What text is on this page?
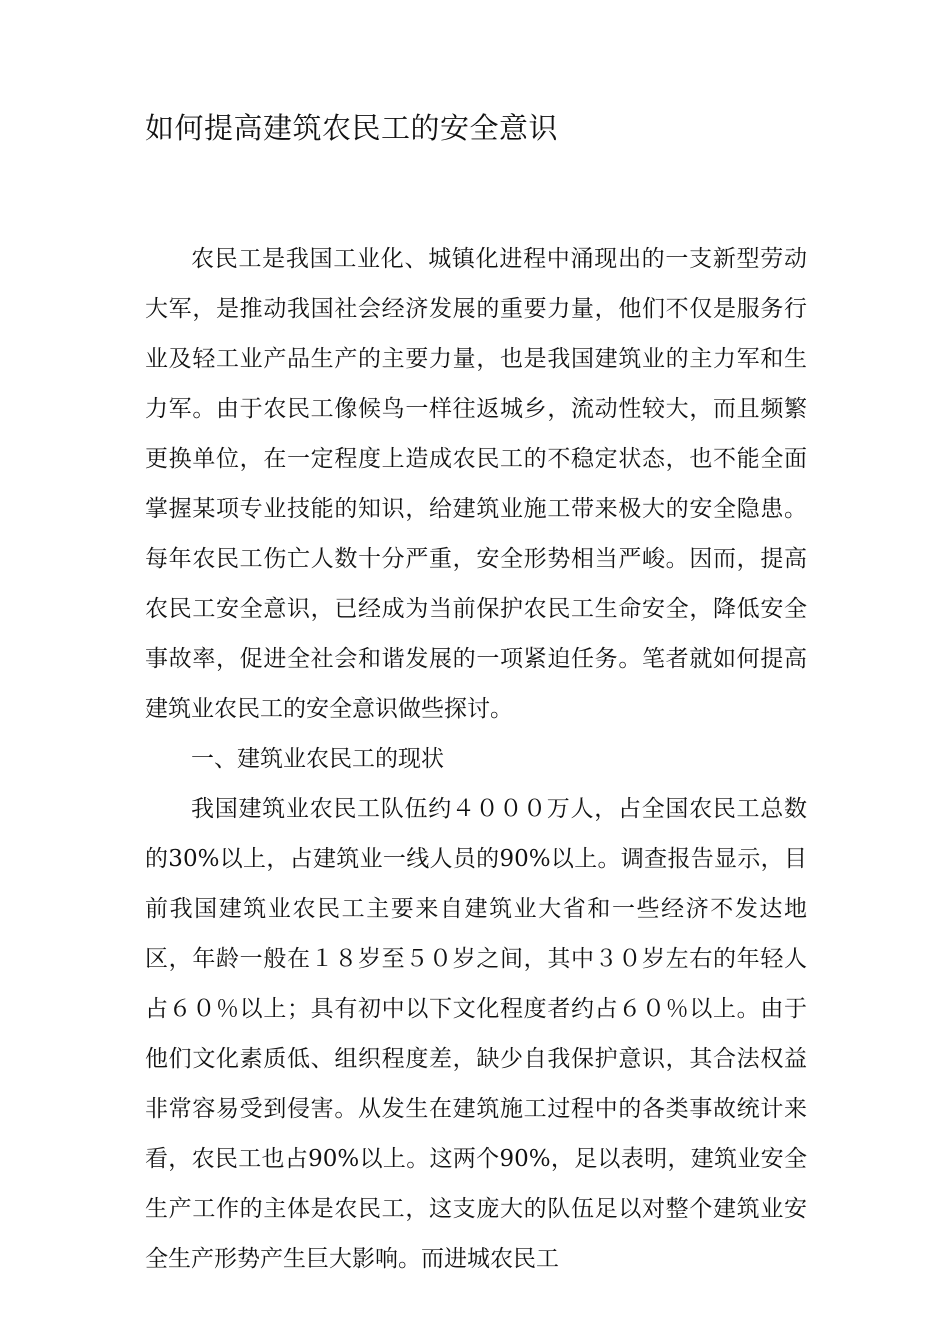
如何提高建筑农民工的安全意识

农民工是我国工业化、城镇化进程中涌现出的一支新型劳动大军，是推动我国社会经济发展的重要力量，他们不仅是服务行业及轻工业产品生产的主要力量，也是我国建筑业的主力军和生力军。由于农民工像候鸟一样往返城乡，流动性较大，而且频繁更换单位，在一定程度上造成农民工的不稳定状态，也不能全面掌握某项专业技能的知识，给建筑业施工带来极大的安全隐患。每年农民工伤亡人数十分严重，安全形势相当严峻。因而，提高农民工安全意识，已经成为当前保护农民工生命安全，降低安全事故率，促进全社会和谐发展的一项紧迫任务。笔者就如何提高建筑业农民工的安全意识做些探讨。

一、建筑业农民工的现状

我国建筑业农民工队伍约４０００万人，占全国农民工总数的30%以上，占建筑业一线人员的90%以上。调查报告显示，目前我国建筑业农民工主要来自建筑业大省和一些经济不发达地区，年龄一般在１８岁至５０岁之间，其中３０岁左右的年轻人占６０％以上；具有初中以下文化程度者约占６０％以上。由于他们文化素质低、组织程度差，缺少自我保护意识，其合法权益非常容易受到侵害。从发生在建筑施工过程中的各类事故统计来看，农民工也占90%以上。这两个90%，足以表明，建筑业安全生产工作的主体是农民工，这支庞大的队伍足以对整个建筑业安全生产形势产生巨大影响。而进城农民工
